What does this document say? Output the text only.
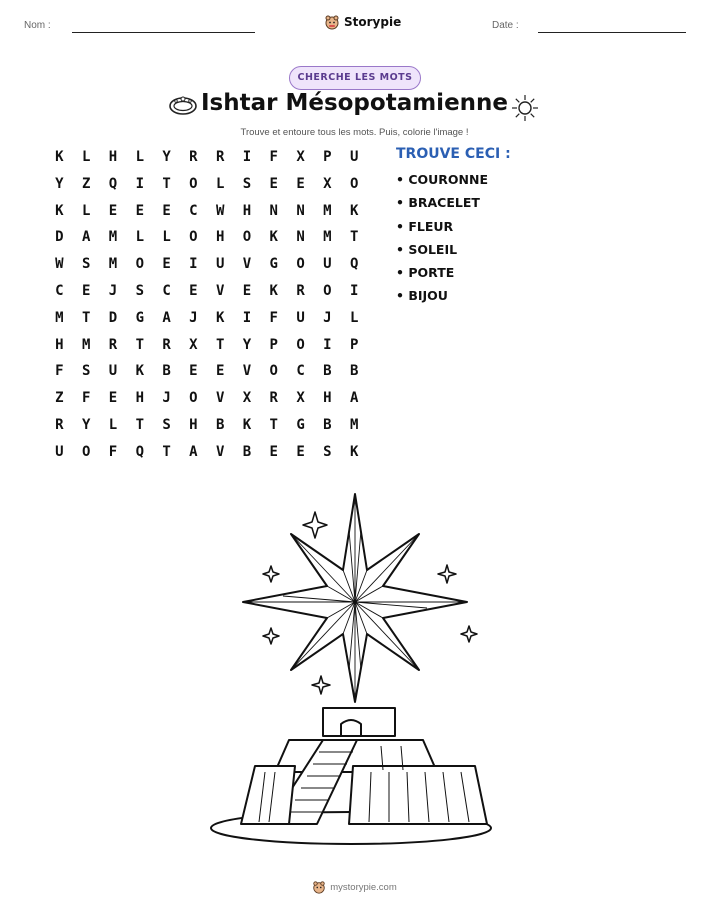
Nom :	Storypie	Date :
CHERCHE LES MOTS
Ishtar Mésopotamienne
Trouve et entoure tous les mots. Puis, colorie l'image !
K	L	H	L	Y	R	R	I	F	X	P	U
Y	Z	Q	I	T	O	L	S	E	E	X	O
K	L	E	E	E	C	W	H	N	N	M	K
D	A	M	L	L	O	H	O	K	N	M	T
W	S	M	O	E	I	U	V	G	O	U	Q
C	E	J	S	C	E	V	E	K	R	O	I
M	T	D	G	A	J	K	I	F	U	J	L
H	M	R	T	R	X	T	Y	P	O	I	P
F	S	U	K	B	E	E	V	O	C	B	B
Z	F	E	H	J	O	V	X	R	X	H	A
R	Y	L	T	S	H	B	K	T	G	B	M
U	O	F	Q	T	A	V	B	E	E	S	K
TROUVE CECI :
• COURONNE
• BRACELET
• FLEUR
• SOLEIL
• PORTE
• BIJOU
mystorypie.com
